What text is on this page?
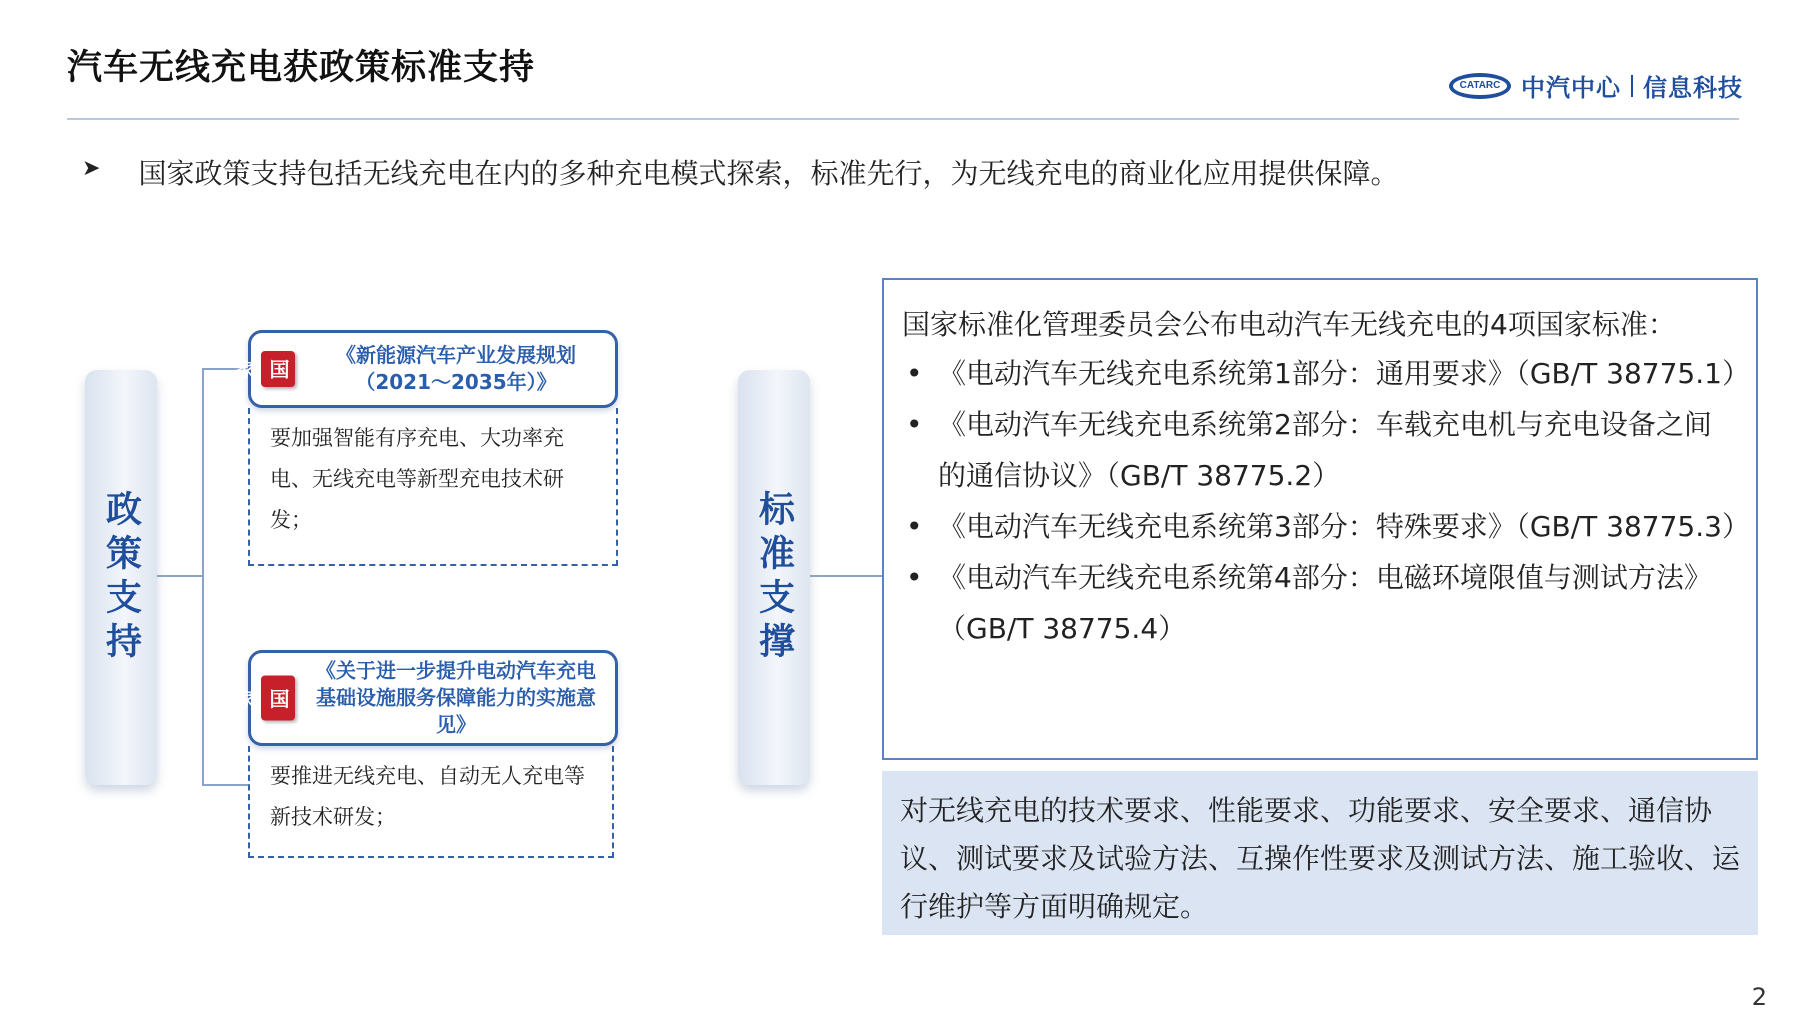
汽车无线充电获政策标准支持	CATARC 中汽中心 信息科技
➤ 国家政策支持包括无线充电在内的多种充电模式探索，标准先行，为无线充电的商业化应用提供保障。
政策支持
国家
《新能源汽车产业发展规划（2021～2035年）》
要加强智能有序充电、大功率充电、无线充电等新型充电技术研发；
国家
《关于进一步提升电动汽车充电基础设施服务保障能力的实施意见》
要推进无线充电、自动无人充电等新技术研发；
标准支撑
国家标准化管理委员会公布电动汽车无线充电的4项国家标准：
• 《电动汽车无线充电系统第1部分：通用要求》（GB/T 38775.1）
• 《电动汽车无线充电系统第2部分：车载充电机与充电设备之间的通信协议》（GB/T 38775.2）
• 《电动汽车无线充电系统第3部分：特殊要求》（GB/T 38775.3）
• 《电动汽车无线充电系统第4部分：电磁环境限值与测试方法》（GB/T 38775.4）
对无线充电的技术要求、性能要求、功能要求、安全要求、通信协议、测试要求及试验方法、互操作性要求及测试方法、施工验收、运行维护等方面明确规定。
2
